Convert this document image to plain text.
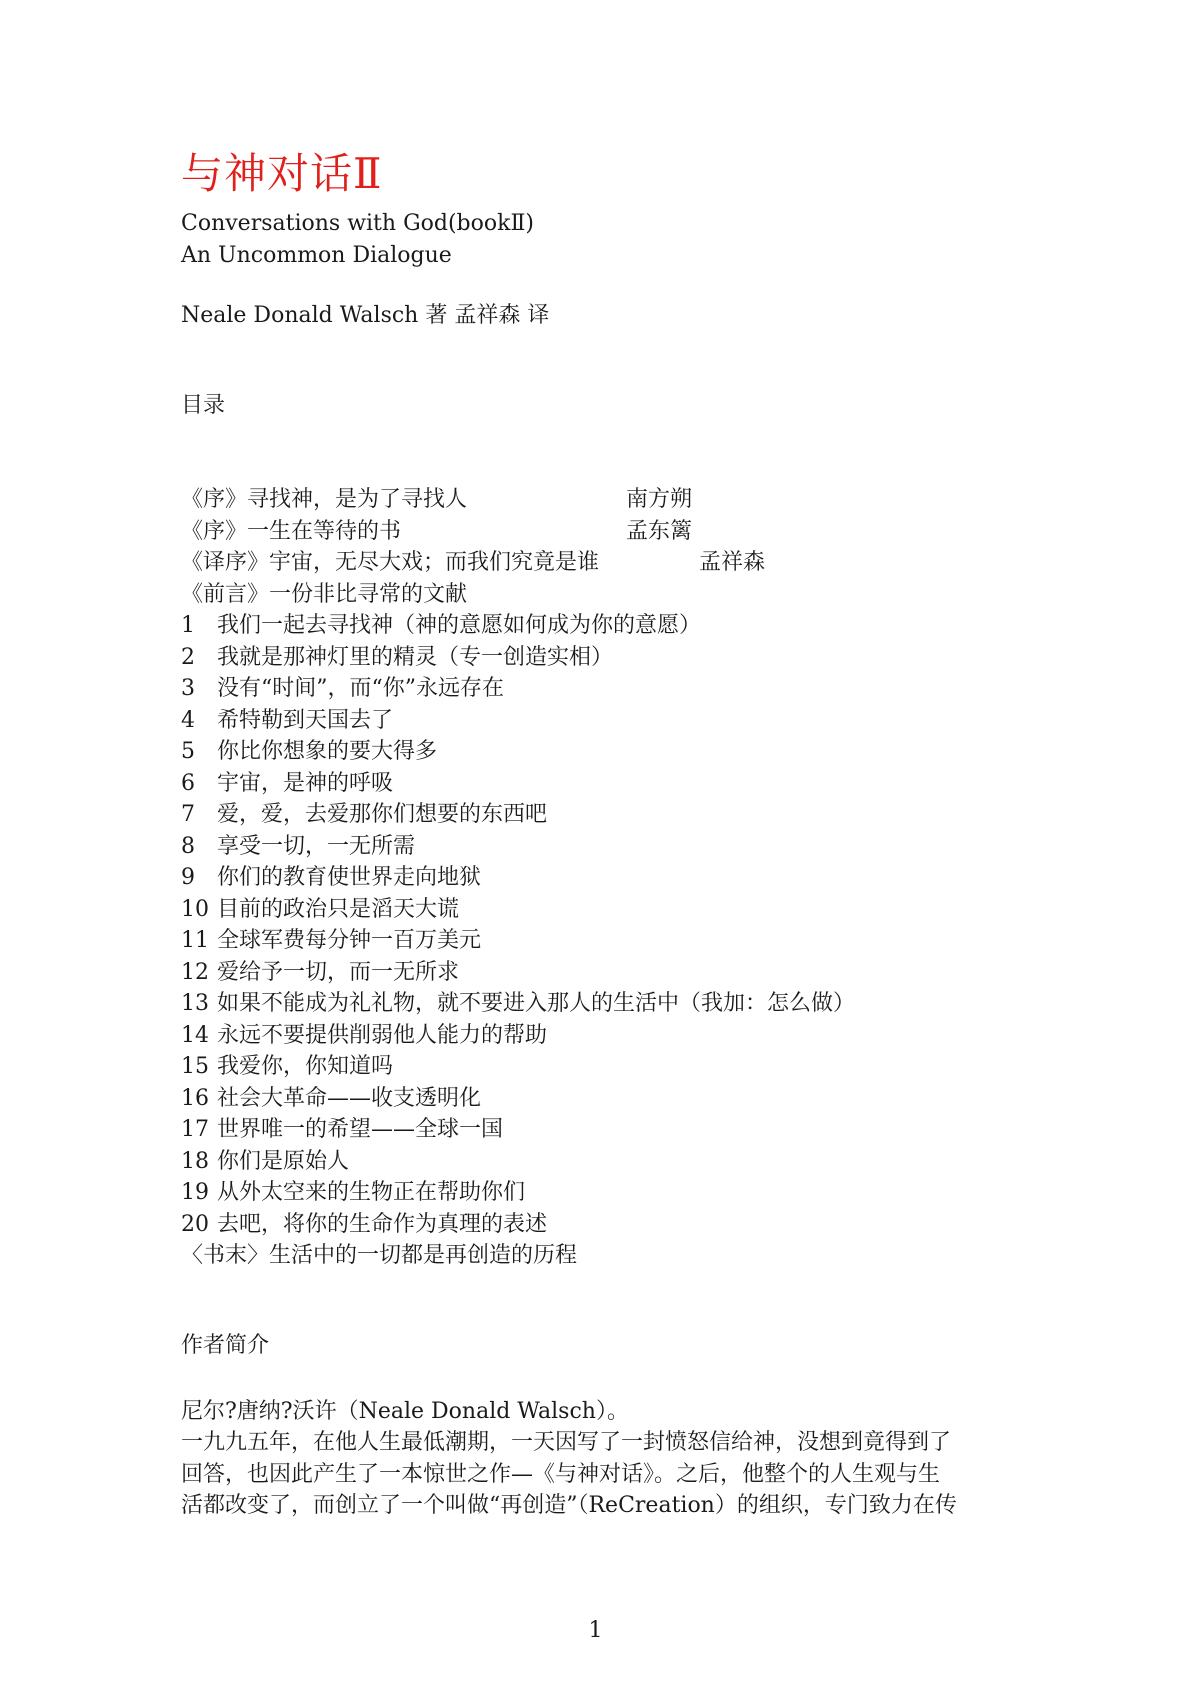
与神对话Ⅱ
Conversations with God(bookⅡ)
An Uncommon Dialogue
Neale Donald Walsch 著 孟祥森 译
目录
《序》寻找神，是为了寻找人	南方朔
《序》一生在等待的书	孟东篱
《译序》宇宙，无尽大戏；而我们究竟是谁	孟祥森
《前言》一份非比寻常的文献
1	我们一起去寻找神（神的意愿如何成为你的意愿）
2	我就是那神灯里的精灵（专一创造实相）
3	没有“时间”，而“你”永远存在
4	希特勒到天国去了
5	你比你想象的要大得多
6	宇宙，是神的呼吸
7	爱，爱，去爱那你们想要的东西吧
8	享受一切，一无所需
9	你们的教育使世界走向地狱
10 目前的政治只是滔天大谎
11 全球军费每分钟一百万美元
12 爱给予一切，而一无所求
13 如果不能成为礼礼物，就不要进入那人的生活中（我加：怎么做）
14 永远不要提供削弱他人能力的帮助
15 我爱你，你知道吗
16 社会大革命——收支透明化
17 世界唯一的希望——全球一国
18 你们是原始人
19 从外太空来的生物正在帮助你们
20 去吧，将你的生命作为真理的表述
〈书末〉生活中的一切都是再创造的历程
作者简介
尼尔?唐纳?沃许（Neale Donald Walsch）。
一九九五年，在他人生最低潮期，一天因写了一封愤怒信给神，没想到竟得到了
回答，也因此产生了一本惊世之作—《与神对话》。之后，他整个的人生观与生
活都改变了，而创立了一个叫做“再创造”（ReCreation）的组织，专门致力在传
1
